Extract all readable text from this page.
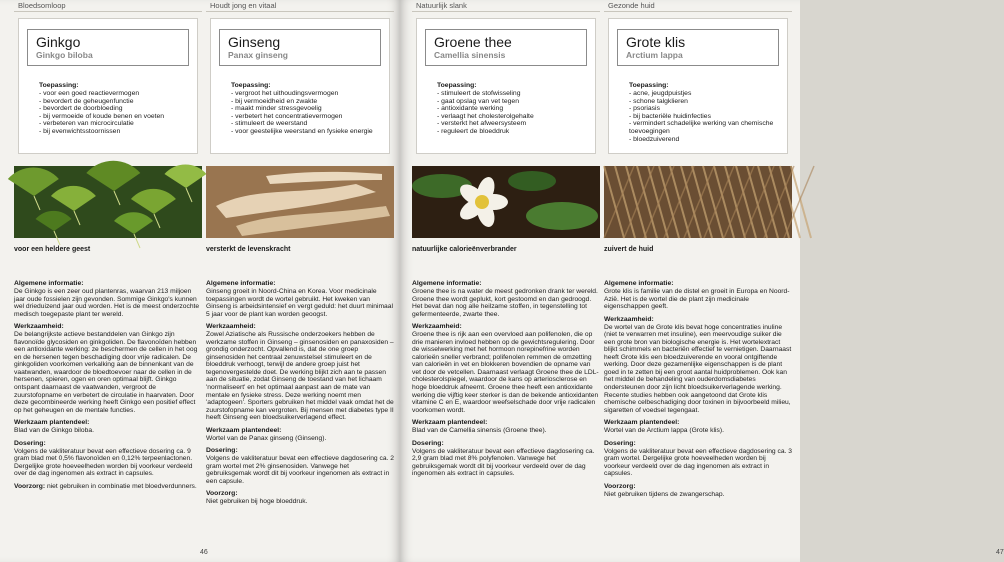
46	47
Bloedsomloop
Ginkgo
Ginkgo biloba
Toepassing:
- voor een goed reactievermogen
- bevordert de geheugenfunctie
- bevordert de doorbloeding
- bij vermoeide of koude benen en voeten
- verbeteren van microcirculatie
- bij evenwichtsstoornissen
voor een heldere geest
Algemene informatie:

De Ginkgo is een zeer oud plantenras, waarvan 213 miljoen jaar oude fossielen zijn gevonden. Sommige Ginkgo's kunnen wel drieduizend jaar oud worden. Het is de meest onderzochte medisch toegepaste plant ter wereld.

Werkzaamheid:

De belangrijkste actieve bestanddelen van Ginkgo zijn flavonoïde glycosiden en ginkgoliden. De flavonoïden hebben een antioxidante werking: ze beschermen de cellen in het oog en de hersenen tegen beschadiging door vrije radicalen. De ginkgoliden voorkomen verkalking aan de binnenkant van de vaatwanden, waardoor de bloedtoevoer naar de cellen in de hersenen, spieren, ogen en oren optimaal blijft. Ginkgo ontspant daarnaast de vaatwanden, vergroot de zuurstofopname en verbetert de circulatie in haarvaten. Door deze gecombineerde werking heeft Ginkgo een positief effect op het geheugen en de mentale functies.

Werkzaam plantendeel:

Blad van de Ginkgo biloba.

Dosering:

Volgens de vakliteratuur bevat een effectieve dosering ca. 9 gram blad met 0,5% flavonoïden en 0,12% terpeenlactonen. Dergelijke grote hoeveelheden worden bij voorkeur verdeeld over de dag ingenomen als extract in capsules.

Voorzorg: niet gebruiken in combinatie met bloedverdunners.

Houdt jong en vitaal
Ginseng
Panax ginseng
Toepassing:
- vergroot het uithoudingsvermogen
- bij vermoeidheid en zwakte
- maakt minder stressgevoelig
- verbetert het concentratievermogen
- stimuleert de weerstand
- voor geestelijke weerstand en fysieke energie
versterkt de levenskracht
Algemene informatie:

Ginseng groeit in Noord-China en Korea. Voor medicinale toepassingen wordt de wortel gebruikt. Het kweken van Ginseng is arbeidsintensief en vergt geduld: het duurt minimaal 5 jaar voor de plant kan worden geoogst.

Werkzaamheid:

Zowel Aziatische als Russische onderzoekers hebben de werkzame stoffen in Ginseng – ginsenosiden en panaxosiden – grondig onderzocht. Opvallend is, dat de one groep ginsenosiden het centraal zenuwstelsel stimuleert en de bloeddruk verhoogt, terwijl de andere groep juist het tegenovergestelde doet. De werking blijkt zich aan te passen aan de situatie, zodat Ginseng de toestand van het lichaam 'normaliseert' en het optimaal aanpast aan de mate van mentale en fysieke stress. Deze werking noemt men 'adaptogeen'. Sporters gebruiken het middel vaak omdat het de zuurstofopname kan vergroten. Bij mensen met diabetes type II heeft Ginseng een bloedsuikerverlagend effect.

Werkzaam plantendeel:

Wortel van de Panax ginseng (Ginseng).

Dosering:

Volgens de vakliteratuur bevat een effectieve dagdosering ca. 2 gram wortel met 2% ginsenosiden. Vanwege het gebruiksgemak wordt dit bij voorkeur ingenomen als extract in een capsule.

Voorzorg:

Niet gebruiken bij hoge bloeddruk.

Natuurlijk slank
Groene thee
Camellia sinensis
Toepassing:
- stimuleert de stofwisseling
- gaat opslag van vet tegen
- antioxidante werking
- verlaagt het cholesterolgehalte
- versterkt het afweersysteem
- reguleert de bloeddruk
natuurlijke calorieënverbrander
Algemene informatie:

Groene thee is na water de meest gedronken drank ter wereld. Groene thee wordt geplukt, kort gestoomd en dan gedroogd. Het bevat dan nog alle heilzame stoffen, in tegenstelling tot gefermenteerde, zwarte thee.

Werkzaamheid:

Groene thee is rijk aan een overvloed aan polifenolen, die op drie manieren invloed hebben op de gewichtsregulering. Door de wisselwerking met het hormoon norepinefrine worden calorieën sneller verbrand; polifenolen remmen de omzetting van calorieën in vet en blokkeren bovendien de opname van vet door de vetcellen. Daarnaast verlaagt Groene thee de LDL-cholesterolspiegel, waardoor de kans op arteriosclerose en hoge bloeddruk afneemt. Groene thee heeft een antioxidante werking die vijftig keer sterker is dan de bekende antioxidanten vitamine C en E, waardoor weefselschade door vrije radicalen voorkomen wordt.

Werkzaam plantendeel:

Blad van de Camellia sinensis (Groene thee).

Dosering:

Volgens de vakliteratuur bevat een effectieve dagdosering ca. 2,9 gram blad met 8% polyfenolen. Vanwege het gebruiksgemak wordt dit bij voorkeur verdeeld over de dag ingenomen als extract in capsules.

Gezonde huid
Grote klis
Arctium lappa
Toepassing:
- acne, jeugdpuistjes
- schone talgklieren
- psoriasis
- bij bacteriële huidinfecties
- vermindert schadelijke werking van chemische toevoegingen
- bloedzuiverend
zuivert de huid
Algemene informatie:

Grote klis is familie van de distel en groeit in Europa en Noord-Azië. Het is de wortel die de plant zijn medicinale eigenschappen geeft.

Werkzaamheid:

De wortel van de Grote klis bevat hoge concentraties inuline (niet te verwarren met insuline), een meervoudige suiker die een grote bron van biologische energie is. Het wortelextract blijkt schimmels en bacteriën effectief te vernietigen. Daarnaast heeft Grote klis een bloedzuiverende en vooral ontgiftende werking. Door deze gezamenlijke eigenschappen is de plant goed in te zetten bij een groot aantal huidproblemen. Ook kan het middel de behandeling van ouderdomsdiabetes ondersteunen door zijn licht bloedsuikerverlagende werking. Recente studies hebben ook aangetoond dat Grote klis chemische celbeschadiging door toxinen in bijvoorbeeld milieu, sigaretten of voedsel tegengaat.

Werkzaam plantendeel:

Wortel van de Arctium lappa (Grote klis).

Dosering:

Volgens de vakliteratuur bevat een effectieve dagdosering ca. 3 gram wortel. Dergelijke grote hoeveelheden worden bij voorkeur verdeeld over de dag ingenomen als extract in capsules.

Voorzorg:

Niet gebruiken tijdens de zwangerschap.
